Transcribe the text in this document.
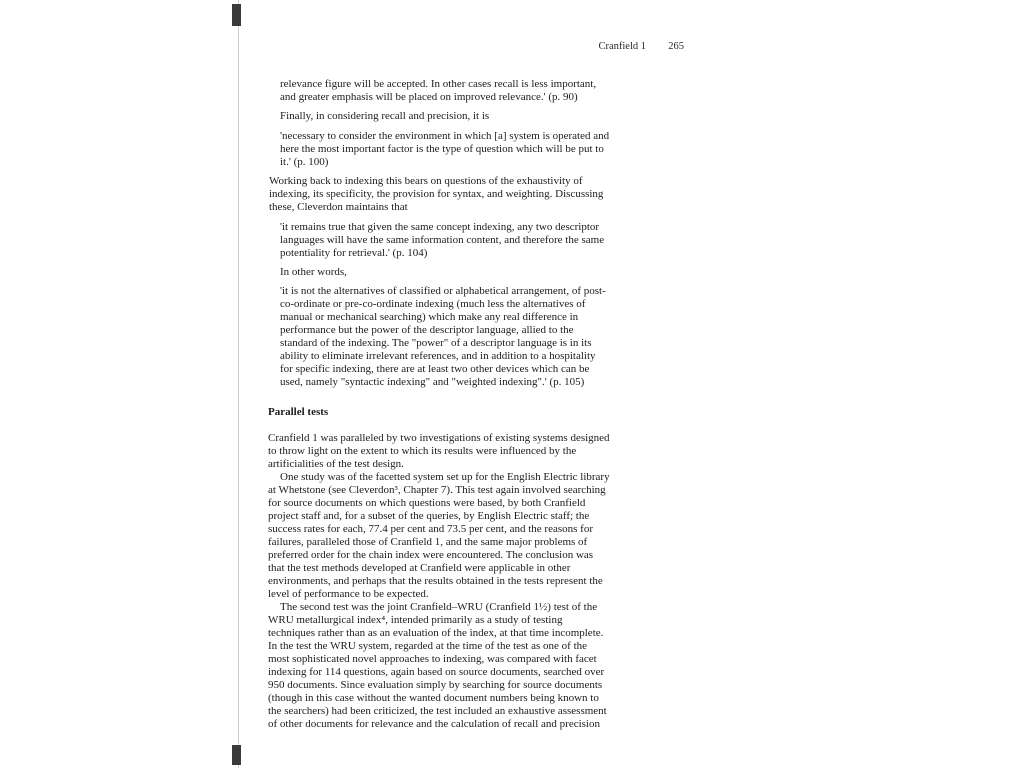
Cranfield 1 265
relevance figure will be accepted. In other cases recall is less important,
and greater emphasis will be placed on improved relevance.' (p. 90)
Finally, in considering recall and precision, it is
'necessary to consider the environment in which [a] system is operated and
here the most important factor is the type of question which will be put to
it.' (p. 100)
Working back to indexing this bears on questions of the exhaustivity of
indexing, its specificity, the provision for syntax, and weighting. Discussing
these, Cleverdon maintains that
'it remains true that given the same concept indexing, any two descriptor
languages will have the same information content, and therefore the same
potentiality for retrieval.' (p. 104)
In other words,
'it is not the alternatives of classified or alphabetical arrangement, of post-
co-ordinate or pre-co-ordinate indexing (much less the alternatives of
manual or mechanical searching) which make any real difference in
performance but the power of the descriptor language, allied to the
standard of the indexing. The "power" of a descriptor language is in its
ability to eliminate irrelevant references, and in addition to a hospitality
for specific indexing, there are at least two other devices which can be
used, namely "syntactic indexing" and "weighted indexing".' (p. 105)
Parallel tests
Cranfield 1 was paralleled by two investigations of existing systems designed
to throw light on the extent to which its results were influenced by the
artificialities of the test design.
One study was of the facetted system set up for the English Electric library
at Whetstone (see Cleverdon³, Chapter 7). This test again involved searching
for source documents on which questions were based, by both Cranfield
project staff and, for a subset of the queries, by English Electric staff; the
success rates for each, 77.4 per cent and 73.5 per cent, and the reasons for
failures, paralleled those of Cranfield 1, and the same major problems of
preferred order for the chain index were encountered. The conclusion was
that the test methods developed at Cranfield were applicable in other
environments, and perhaps that the results obtained in the tests represent the
level of performance to be expected.
The second test was the joint Cranfield–WRU (Cranfield 1½) test of the
WRU metallurgical index⁴, intended primarily as a study of testing
techniques rather than as an evaluation of the index, at that time incomplete.
In the test the WRU system, regarded at the time of the test as one of the
most sophisticated novel approaches to indexing, was compared with facet
indexing for 114 questions, again based on source documents, searched over
950 documents. Since evaluation simply by searching for source documents
(though in this case without the wanted document numbers being known to
the searchers) had been criticized, the test included an exhaustive assessment
of other documents for relevance and the calculation of recall and precision
